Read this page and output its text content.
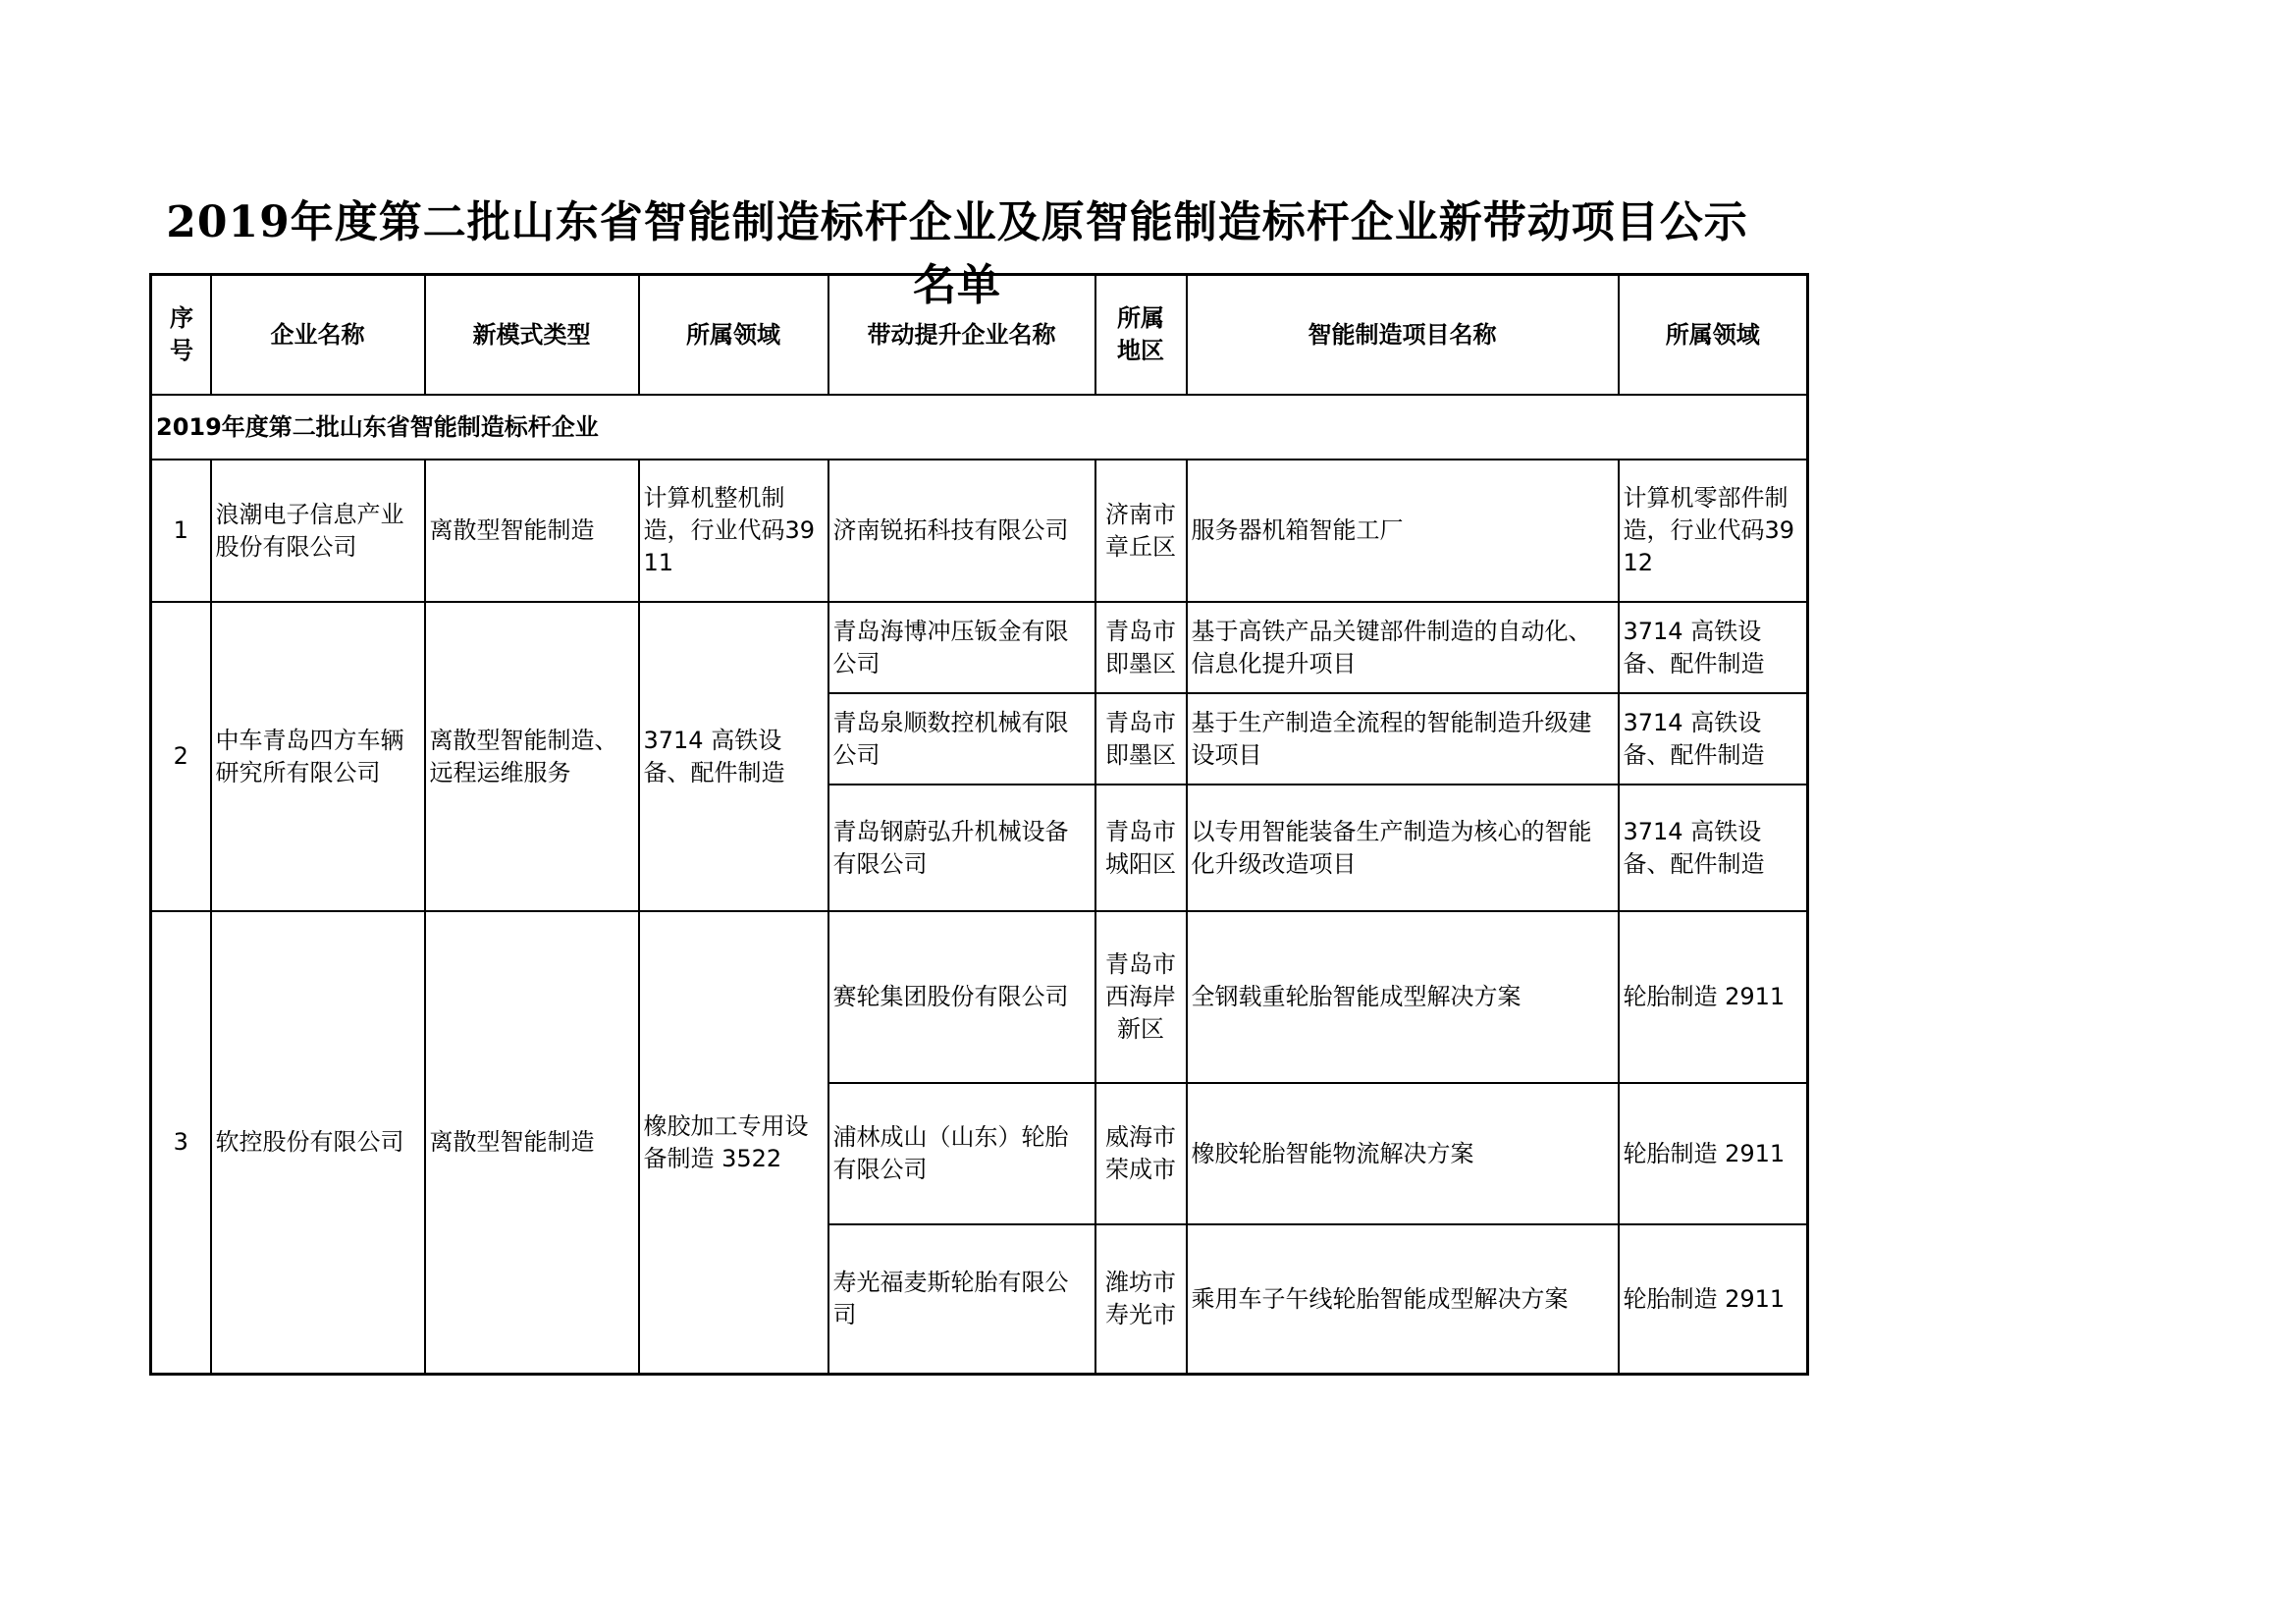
2019年度第二批山东省智能制造标杆企业及原智能制造标杆企业新带动项目公示名单
序号	企业名称	新模式类型	所属领域	带动提升企业名称	所属地区	智能制造项目名称	所属领域
2019年度第二批山东省智能制造标杆企业							
1	浪潮电子信息产业股份有限公司	离散型智能制造	计算机整机制造，行业代码3911	济南锐拓科技有限公司	济南市章丘区	服务器机箱智能工厂	计算机零部件制造，行业代码3912
2	中车青岛四方车辆研究所有限公司	离散型智能制造、远程运维服务	3714 高铁设备、配件制造	青岛海博冲压钣金有限公司	青岛市即墨区	基于高铁产品关键部件制造的自动化、信息化提升项目	3714 高铁设备、配件制造
				青岛泉顺数控机械有限公司	青岛市即墨区	基于生产制造全流程的智能制造升级建设项目	3714 高铁设备、配件制造
				青岛钢蔚弘升机械设备有限公司	青岛市城阳区	以专用智能装备生产制造为核心的智能化升级改造项目	3714 高铁设备、配件制造
3	软控股份有限公司	离散型智能制造	橡胶加工专用设备制造 3522	赛轮集团股份有限公司	青岛市西海岸新区	全钢载重轮胎智能成型解决方案	轮胎制造 2911
				浦林成山（山东）轮胎有限公司	威海市荣成市	橡胶轮胎智能物流解决方案	轮胎制造 2911
				寿光福麦斯轮胎有限公司	潍坊市寿光市	乘用车子午线轮胎智能成型解决方案	轮胎制造 2911
